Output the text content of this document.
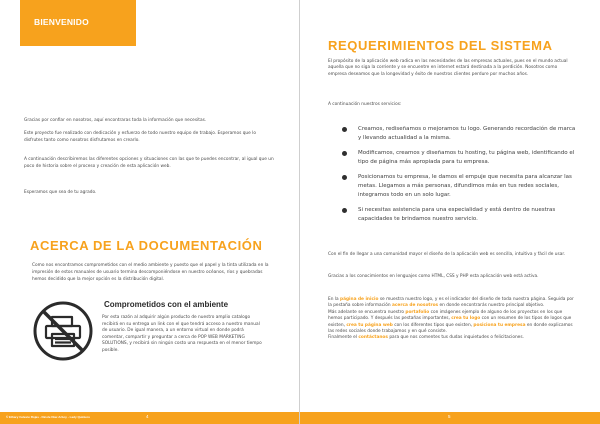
BIENVENIDO
Gracias por confiar en nosotros, aquí encontraras toda la información que necesitas.
Este proyecto fue realizado con dedicación y esfuerzo de todo nuestro equipo de trabajo. Esperamos que lo disfrutes tanto como nosotros disfrutamos en crearlo.
A continuación describiremos las diferentes opciones y situaciones con las que te puedes encontrar, al igual que un poco de historia sobre el proceso y creación de esta aplicación web.
Esperamos que sea de tu agrado.
ACERCA DE LA DOCUMENTACIÓN
Como nos encontramos comprometidos con el medio ambiente y puesto que el papel y la tinta utilizada en la impresión de estos manuales de usuario termina descomponiéndose en nuestro océanos, ríos y quebradas hemos decidido que la mejor opción es la distribución digital.
Comprometidos con el ambiente
Por esta razón al adquirir algún producto de nuestro amplio catalogo recibirá en su entrega un link con el que tendrá acceso a nuestro manual de usuario. De igual manera, a un entorno virtual en donde podrá comentar, compartir y preguntar a cerca de POP WEB MARKETING SOLUTIONS, y recibirá sin ningún costo una respuesta en el menor tiempo posible.
© Ethary Celeste Rojas - Nicole Diaz Arboy - Lady Quintero	4
REQUERIMIENTOS DEL SISTEMA
El propósito de la aplicación web radica en las necesidades de las empresas actuales, pues en el mundo actual aquella que no siga la corriente y se encuentre en internet estará destinada a la perdición. Nosotros como empresa deseamos que la longevidad y éxito de nuestros clientes perdure por muchos años.
A continuación nuestros servicios:
Creamos, rediseñamos o mejoramos tu logo. Generando recordación de marca y llevando actualidad a la misma.
Modificamos, creamos y diseñamos tu hosting, tu página web, identificando el tipo de página más apropiada para tu empresa.
Posicionamos tu empresa, le damos el empuje que necesita para alcanzar las metas. Llegamos a más personas, difundimos más en tus redes sociales, integramos todo en un solo lugar.
Si necesitas asistencia para una especialidad y está dentro de nuestras capacidades te brindamos nuestro servicio.
Con el fin de llegar a una comunidad mayor el diseño de la aplicación web es sencilla, intuitiva y fácil de usar.
Gracias a los conocimientos en lenguajes como HTML, CSS y PHP esta aplicación web está activa.
En la página de inicio se muestra nuestro logo, y es el indicador del diseño de toda nuestra página. Seguida por la pestaña sobre información acerca de nosotros en donde encontrarás nuestro principal objetivo.
Más adelante se encuentra nuestro portafolio con imágenes ejemplo de alguno de los proyectos en los que hemos participado. Y después las pestañas importantes, crea tu logo con un resumen de los tipos de logos que existen, crea tu página web con los diferentes tipos que existen, posiciona tu empresa en donde explicamos las redes sociales donde trabajamos y en qué consiste.
Finalmente el contáctanos para que nos comentes tus dudas inquietudes o felicitaciones.
5
